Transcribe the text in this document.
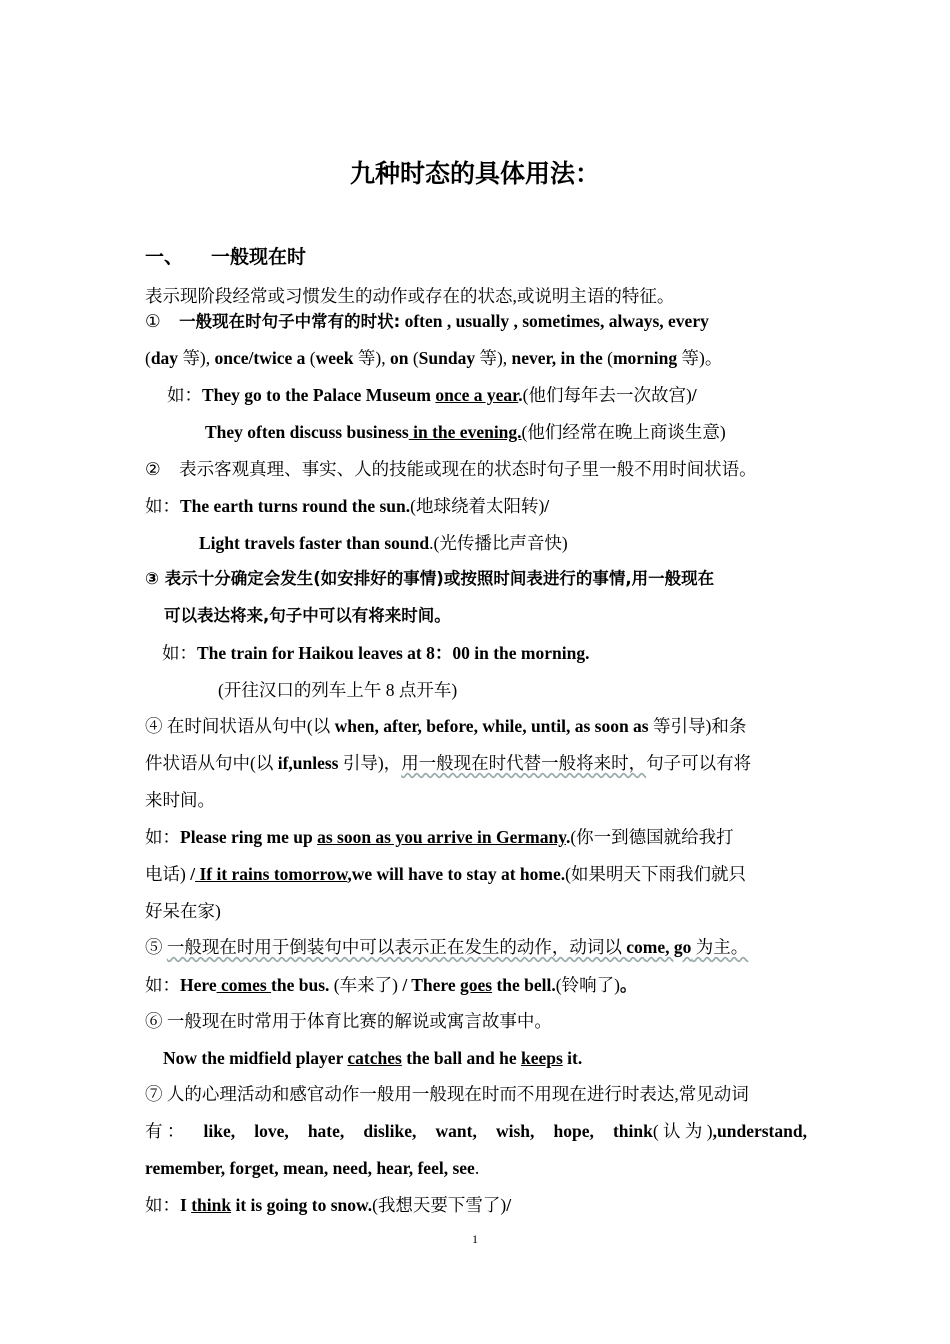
九种时态的具体用法：
一、 一般现在时
表示现阶段经常或习惯发生的动作或存在的状态,或说明主语的特征。
① 一般现在时句子中常有的时状: often , usually , sometimes, always, every
(day 等), once/twice a (week 等), on (Sunday 等), never, in the (morning 等)。
如：They go to the Palace Museum once a year.(他们每年去一次故宫)/
They often discuss business in the evening.(他们经常在晚上商谈生意)
② 表示客观真理、事实、人的技能或现在的状态时句子里一般不用时间状语。
如：The earth turns round the sun.(地球绕着太阳转)/
Light travels faster than sound.(光传播比声音快)
③ 表示十分确定会发生(如安排好的事情)或按照时间表进行的事情,用一般现在
可以表达将来,句子中可以有将来时间。
如：The train for Haikou leaves at 8：00 in the morning.
(开往汉口的列车上午 8 点开车)
④ 在时间状语从句中(以 when, after, before, while, until, as soon as 等引导)和条
件状语从句中(以 if,unless 引导)，用一般现在时代替一般将来时，句子可以有将
来时间。
如：Please ring me up as soon as you arrive in Germany.(你一到德国就给我打
电话) / If it rains tomorrow,we will have to stay at home.(如果明天下雨我们就只
好呆在家)
⑤ 一般现在时用于倒装句中可以表示正在发生的动作，动词以 come, go 为主。
如：Here comes the bus. (车来了) / There goes the bell.(铃响了)。
⑥ 一般现在时常用于体育比赛的解说或寓言故事中。
Now the midfield player catches the ball and he keeps it.
⑦ 人的心理活动和感官动作一般用一般现在时而不用现在进行时表达,常见动词
有 ： like, love, hate, dislike, want, wish, hope, think( 认 为 ),understand,
remember, forget, mean, need, hear, feel, see.
如：I think it is going to snow.(我想天要下雪了)/
1
